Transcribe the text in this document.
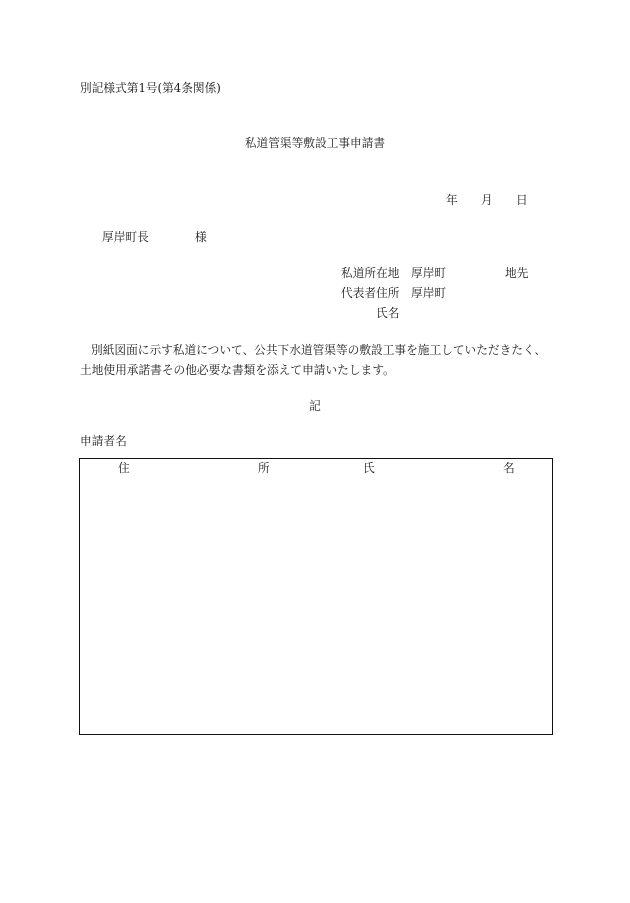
別記様式第1号(第4条関係)
私道管渠等敷設工事申請書
年 月 日
厚岸町長	様
私道所在地 厚岸町	地先
代表者住所 厚岸町
氏名
別紙図面に示す私道について、公共下水道管渠等の敷設工事を施工していただきたく、
土地使用承諾書その他必要な書類を添えて申請いたします。
記
申請者名
住	所	氏	名
